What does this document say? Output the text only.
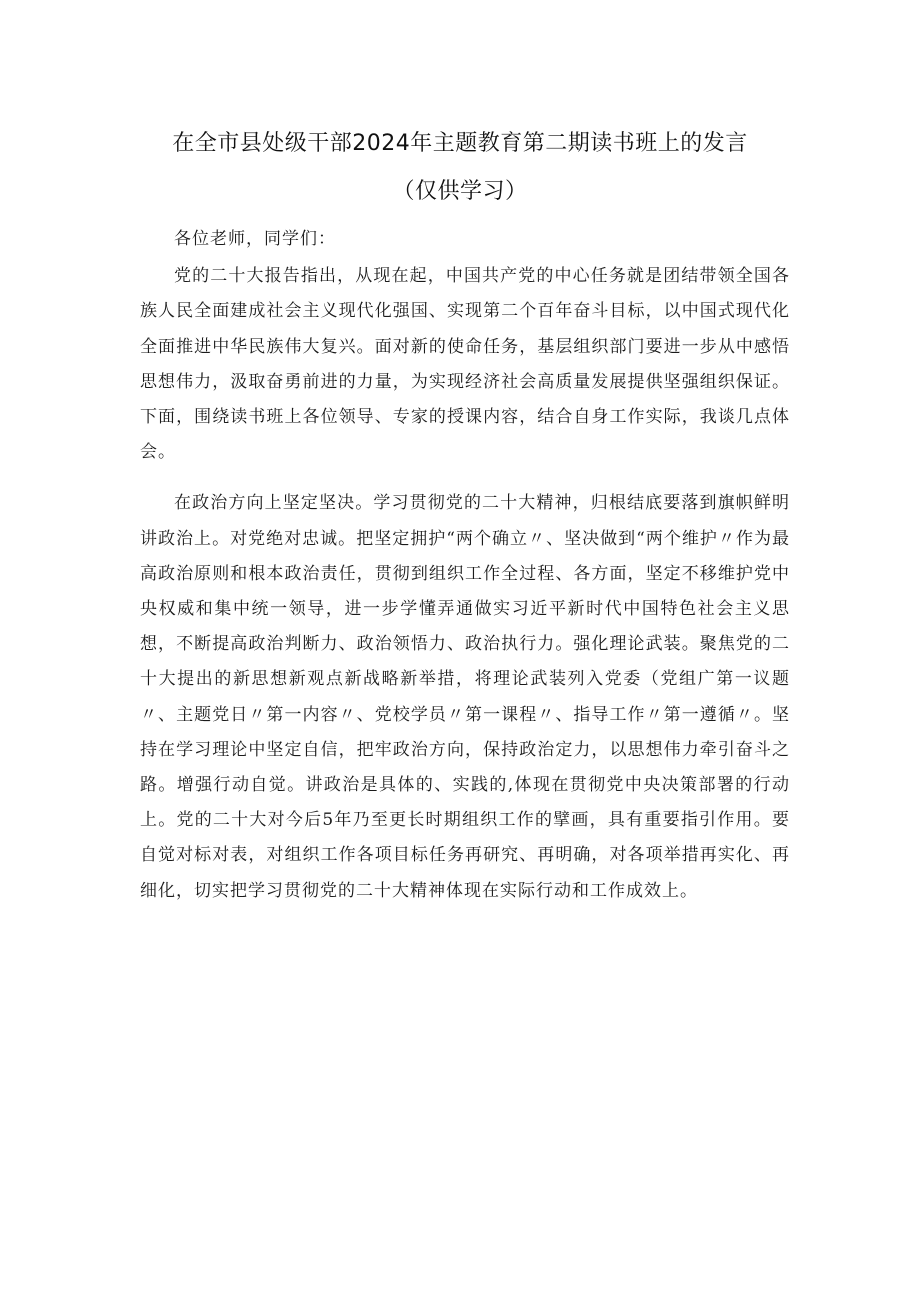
在全市县处级干部2024年主题教育第二期读书班上的发言
（仅供学习）

各位老师，同学们：

党的二十大报告指出，从现在起，中国共产党的中心任务就是团结带领全国各族人民全面建成社会主义现代化强国、实现第二个百年奋斗目标，以中国式现代化全面推进中华民族伟大复兴。面对新的使命任务，基层组织部门要进一步从中感悟思想伟力，汲取奋勇前进的力量，为实现经济社会高质量发展提供坚强组织保证。下面，围绕读书班上各位领导、专家的授课内容，结合自身工作实际，我谈几点体会。

在政治方向上坚定坚决。学习贯彻党的二十大精神，归根结底要落到旗帜鲜明讲政治上。对党绝对忠诚。把坚定拥护“两个确立〃、坚决做到“两个维护〃作为最高政治原则和根本政治责任，贯彻到组织工作全过程、各方面，坚定不移维护党中央权威和集中统一领导，进一步学懂弄通做实习近平新时代中国特色社会主义思想，不断提高政治判断力、政治领悟力、政治执行力。强化理论武装。聚焦党的二十大提出的新思想新观点新战略新举措，将理论武装列入党委（党组广第一议题〃、主题党日〃第一内容〃、党校学员〃第一课程〃、指导工作〃第一遵循〃。坚持在学习理论中坚定自信，把牢政治方向，保持政治定力，以思想伟力牵引奋斗之路。增强行动自觉。讲政治是具体的、实践的,体现在贯彻党中央决策部署的行动上。党的二十大对今后5年乃至更长时期组织工作的擘画，具有重要指引作用。要自觉对标对表，对组织工作各项目标任务再研究、再明确，对各项举措再实化、再细化，切实把学习贯彻党的二十大精神体现在实际行动和工作成效上。
